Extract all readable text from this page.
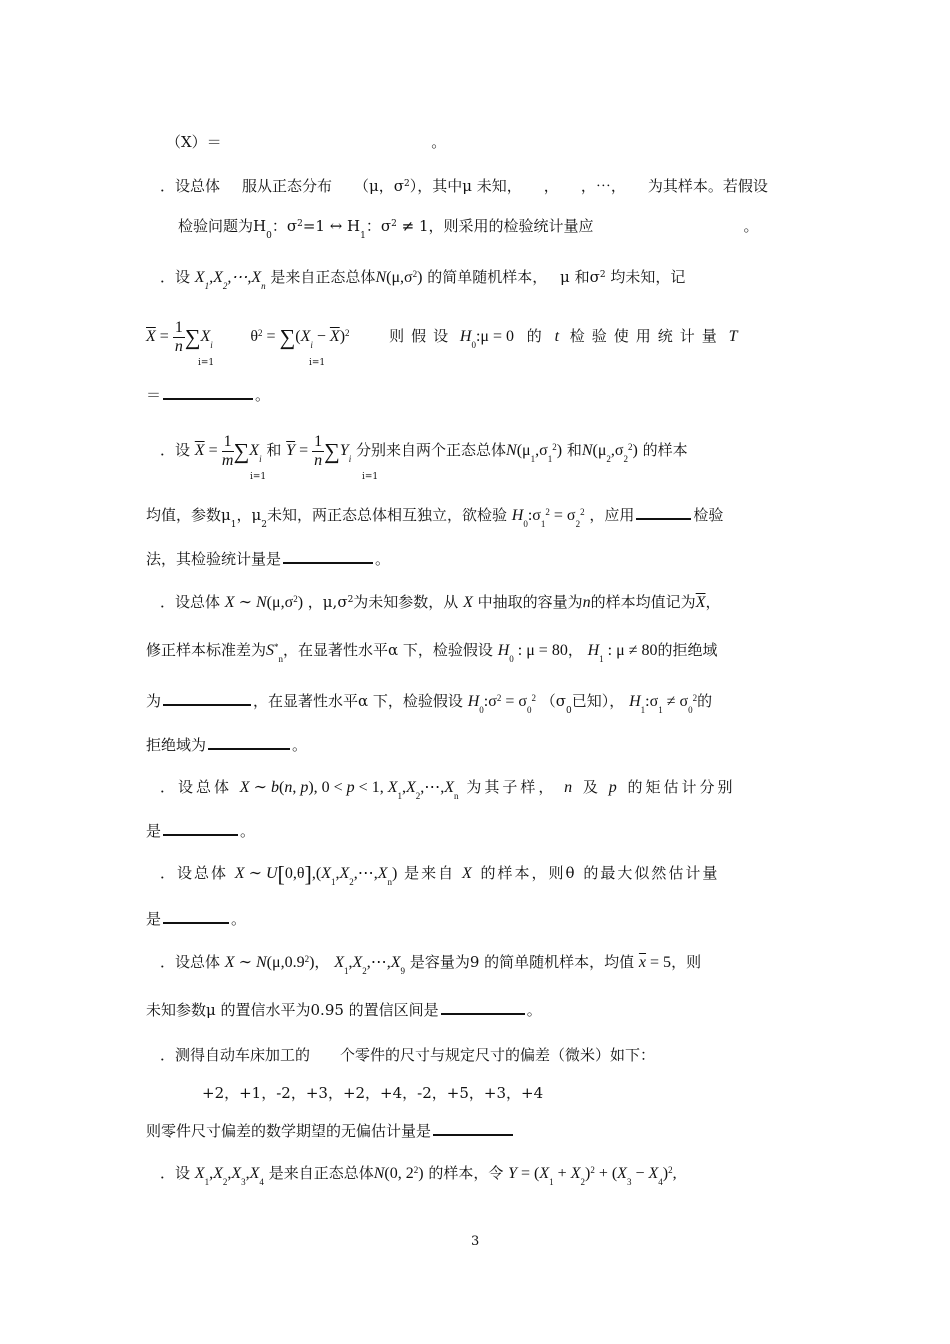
（X）＝	。
．设总体 服从正态分布 （μ，$\sigma^2$），其中μ 未知， ， ，⋯， 为其样本。若假设
检验问题为$H_0$：$\sigma^2=1$ ↔ $H_1$：$\sigma^2 \ne 1$，则采用的检验统计量应	。
．设 $X_1,X_2,\cdots,X_n$ 是来自正态总体$N(\mu,\sigma^2)$ 的简单随机样本， μ 和$\sigma^2$ 均未知，记
$\overline{X} = \frac{1}{n} \sum X_i$ $\theta^2 = \sum(X_i - \overline{X})^2$	则假设 $H_0:\mu = 0$ 的 t 检验使用统计量 T
i=1	i=1
＝	。
．设 $\overline{X} = \frac{1}{m} \sum X_i$ 和 $\overline{Y} = \frac{1}{n} \sum Y_i$ 分别来自两个正态总体$N(\mu_1,\sigma_1^2)$ 和$N(\mu_2,\sigma_2^2)$ 的样本
i=1	i=1
均值，参数$\mu_1$，$\mu_2$未知，两正态总体相互独立，欲检验 $H_0:\sigma_1^2 = \sigma_2^2$ ，应用	检验
法，其检验统计量是	。
．设总体 X ∼ $N(\mu,\sigma^2)$ ，$\mu,\sigma^2$为未知参数，从 X 中抽取的容量为n的样本均值记为$\overline{X}$，
修正样本标准差为$S^*_n$，在显著性水平α 下，检验假设 $H_0$ : μ = 80， $H_1$ : μ ≠ 80的拒绝域
为	，在显著性水平α 下，检验假设 $H_0:\sigma^2 = \sigma_0^2$ （$\sigma_0$已知）， $H_1:\sigma_1 \ne \sigma_0^2$的
拒绝域为	。
．设总体 X ∼ b(n, p), 0 < p < 1, $X_1,X_2,\cdots,X_n$ 为其子样， n 及 p 的矩估计分别
是	。
．设总体 X ∼ $U[0,\theta],(X_1,X_2,\cdots,X_n)$ 是来自 X 的样本，则θ 的最大似然估计量
是	。
．设总体 X ∼ N(μ,0.9$^2$)， $X_1,X_2,\cdots,X_9$ 是容量为9 的简单随机样本，均值 $\overline{x} = 5$，则
未知参数μ 的置信水平为0.95 的置信区间是	。
．测得自动车床加工的 个零件的尺寸与规定尺寸的偏差（微米）如下：
+2，+1，-2，+3，+2，+4，-2，+5，+3，+4
则零件尺寸偏差的数学期望的无偏估计量是
．设 $X_1,X_2,X_3,X_4$ 是来自正态总体N(0, $2^2$) 的样本，令 $Y = (X_1 + X_2)^2 + (X_3 - X_4)^2$,
3
